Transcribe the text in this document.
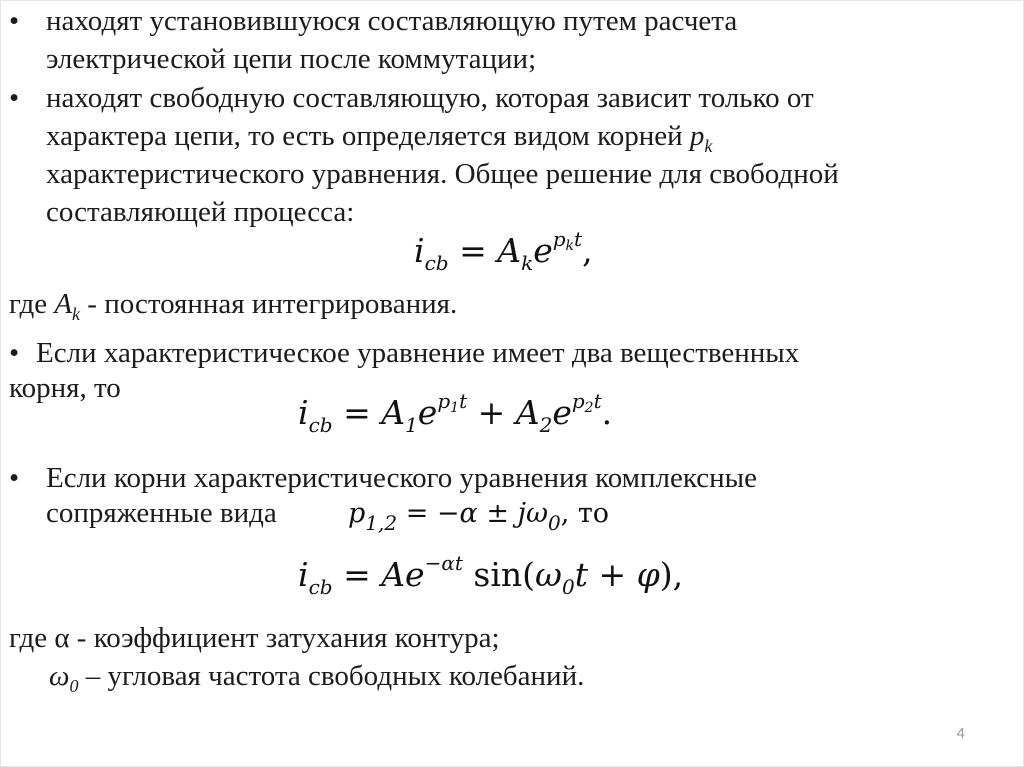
• находят установившуюся составляющую путем расчета
электрической цепи после коммутации;
• находят свободную составляющую, которая зависит только от
характера цепи, то есть определяется видом корней $p_k$
характеристического уравнения. Общее решение для свободной
составляющей процесса:
$i_{cb} = A_ke^{p_kt}$,
где $A_k$ - постоянная интегрирования.
• Если характеристическое уравнение имеет два вещественных
корня, то
$i_{cb} = A_1e^{p_1t} + A_2e^{p_2t}$.
• Если корни характеристического уравнения комплексные
сопряженные вида	$p_{1,2} = -\alpha \pm j\omega_0$, то
$i_{cb} = Ae^{-\alpha t}$ $\sin(\omega_0t + \varphi)$,
где α - коэффициент затухания контура;
$\omega_0$ – угловая частота свободных колебаний.
4
